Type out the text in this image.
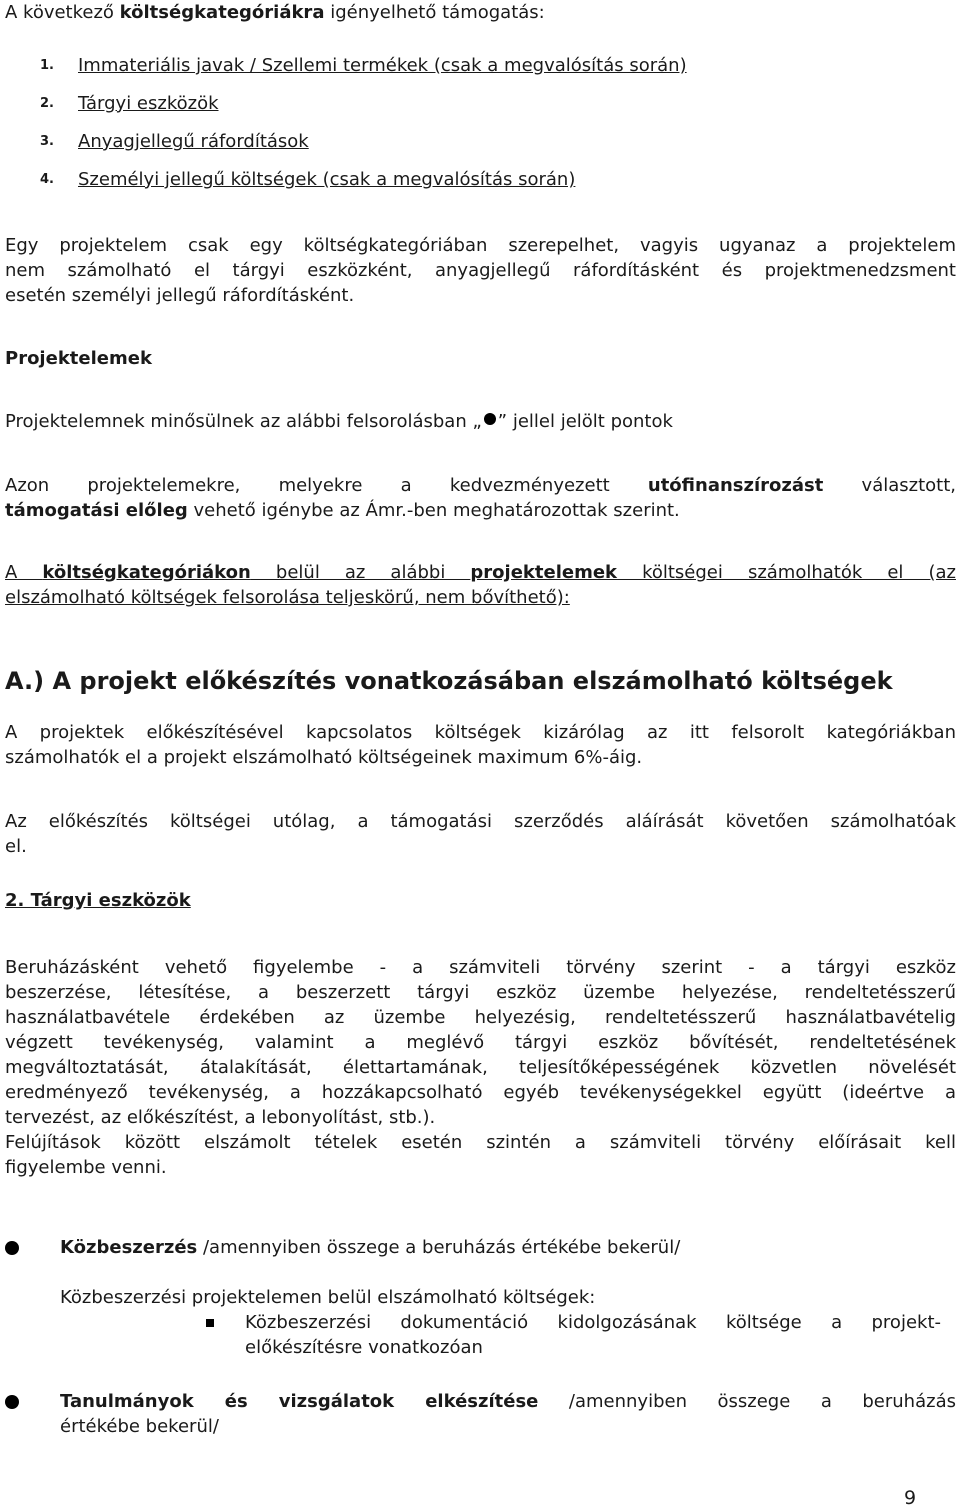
A következő költségkategóriákra igényelhető támogatás:

1. Immateriális javak / Szellemi termékek (csak a megvalósítás során)
2. Tárgyi eszközök
3. Anyagjellegű ráfordítások
4. Személyi jellegű költségek (csak a megvalósítás során)

Egy projektelem csak egy költségkategóriában szerepelhet, vagyis ugyanaz a projektelem

nem számolható el tárgyi eszközként, anyagjellegű ráfordításként és projektmenedzsment

esetén személyi jellegű ráfordításként.

Projektelemek

Projektelemnek minősülnek az alábbi felsorolásban „ ” jellel jelölt pontok

Azon projektelemekre, melyekre a kedvezményezett utófinanszírozást választott,

támogatási előleg vehető igénybe az Ámr.-ben meghatározottak szerint.

A költségkategóriákon belül az alábbi projektelemek költségei számolhatók el (az

elszámolható költségek felsorolása teljeskörű, nem bővíthető):

A.) A projekt előkészítés vonatkozásában elszámolható költségek

A projektek előkészítésével kapcsolatos költségek kizárólag az itt felsorolt kategóriákban

számolhatók el a projekt elszámolható költségeinek maximum 6%-áig.

Az előkészítés költségei utólag, a támogatási szerződés aláírását követően számolhatóak

el.

2. Tárgyi eszközök

Beruházásként vehető figyelembe - a számviteli törvény szerint - a tárgyi eszköz

beszerzése, létesítése, a beszerzett tárgyi eszköz üzembe helyezése, rendeltetésszerű

használatbavétele érdekében az üzembe helyezésig, rendeltetésszerű használatbavételig

végzett tevékenység, valamint a meglévő tárgyi eszköz bővítését, rendeltetésének

megváltoztatását, átalakítását, élettartamának, teljesítőképességének közvetlen növelését

eredményező tevékenység, a hozzákapcsolható egyéb tevékenységekkel együtt (ideértve a

tervezést, az előkészítést, a lebonyolítást, stb.).

Felújítások között elszámolt tételek esetén szintén a számviteli törvény előírásait kell

figyelembe venni.

Közbeszerzés /amennyiben összege a beruházás értékébe bekerül/

Közbeszerzési projektelemen belül elszámolható költségek:

Közbeszerzési dokumentáció kidolgozásának költsége a projekt-

előkészítésre vonatkozóan

Tanulmányok és vizsgálatok elkészítése /amennyiben összege a beruházás

értékébe bekerül/

9
